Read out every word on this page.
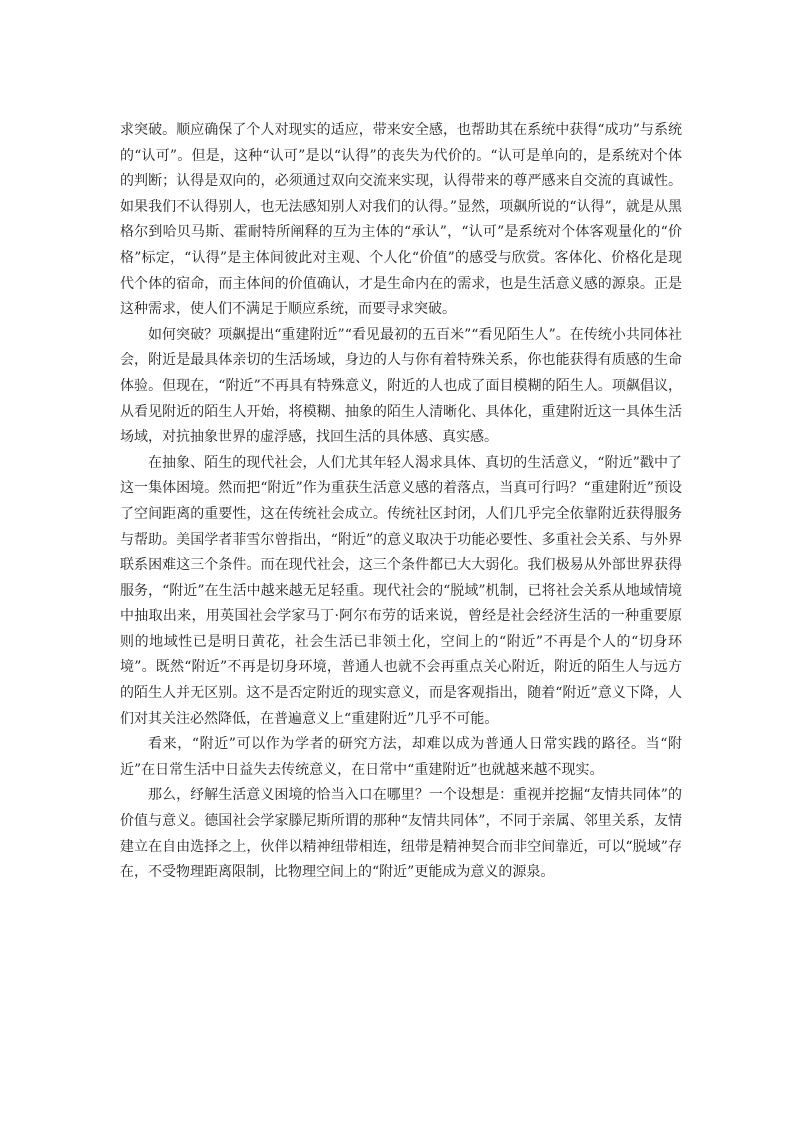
求突破。顺应确保了个人对现实的适应，带来安全感，也帮助其在系统中获得“成功”与系统的“认可”。但是，这种“认可”是以“认得”的丧失为代价的。“认可是单向的，是系统对个体的判断；认得是双向的，必须通过双向交流来实现，认得带来的尊严感来自交流的真诚性。如果我们不认得别人，也无法感知别人对我们的认得。”显然，项飙所说的“认得”，就是从黑格尔到哈贝马斯、霍耐特所阐释的互为主体的“承认”，“认可”是系统对个体客观量化的“价格”标定，“认得”是主体间彼此对主观、个人化“价值”的感受与欣赏。客体化、价格化是现代个体的宿命，而主体间的价值确认，才是生命内在的需求，也是生活意义感的源泉。正是这种需求，使人们不满足于顺应系统，而要寻求突破。

如何突破？项飙提出“重建附近”“看见最初的五百米”“看见陌生人”。在传统小共同体社会，附近是最具体亲切的生活场域，身边的人与你有着特殊关系，你也能获得有质感的生命体验。但现在，“附近”不再具有特殊意义，附近的人也成了面目模糊的陌生人。项飙倡议，从看见附近的陌生人开始，将模糊、抽象的陌生人清晰化、具体化，重建附近这一具体生活场域，对抗抽象世界的虚浮感，找回生活的具体感、真实感。

在抽象、陌生的现代社会，人们尤其年轻人渴求具体、真切的生活意义，“附近”戳中了这一集体困境。然而把“附近”作为重获生活意义感的着落点，当真可行吗？“重建附近”预设了空间距离的重要性，这在传统社会成立。传统社区封闭，人们几乎完全依靠附近获得服务与帮助。美国学者菲雪尔曾指出，“附近”的意义取决于功能必要性、多重社会关系、与外界联系困难这三个条件。而在现代社会，这三个条件都已大大弱化。我们极易从外部世界获得服务，“附近”在生活中越来越无足轻重。现代社会的“脱域”机制，已将社会关系从地域情境中抽取出来，用英国社会学家马丁·阿尔布劳的话来说，曾经是社会经济生活的一种重要原则的地域性已是明日黄花，社会生活已非领土化，空间上的“附近”不再是个人的“切身环境”。既然“附近”不再是切身环境，普通人也就不会再重点关心附近，附近的陌生人与远方的陌生人并无区别。这不是否定附近的现实意义，而是客观指出，随着“附近”意义下降，人们对其关注必然降低，在普遍意义上“重建附近”几乎不可能。

看来，“附近”可以作为学者的研究方法，却难以成为普通人日常实践的路径。当“附近”在日常生活中日益失去传统意义，在日常中“重建附近”也就越来越不现实。

那么，纾解生活意义困境的恰当入口在哪里？一个设想是：重视并挖掘“友情共同体”的价值与意义。德国社会学家滕尼斯所谓的那种“友情共同体”，不同于亲属、邻里关系，友情建立在自由选择之上，伙伴以精神纽带相连，纽带是精神契合而非空间靠近，可以“脱域”存在，不受物理距离限制，比物理空间上的“附近”更能成为意义的源泉。
